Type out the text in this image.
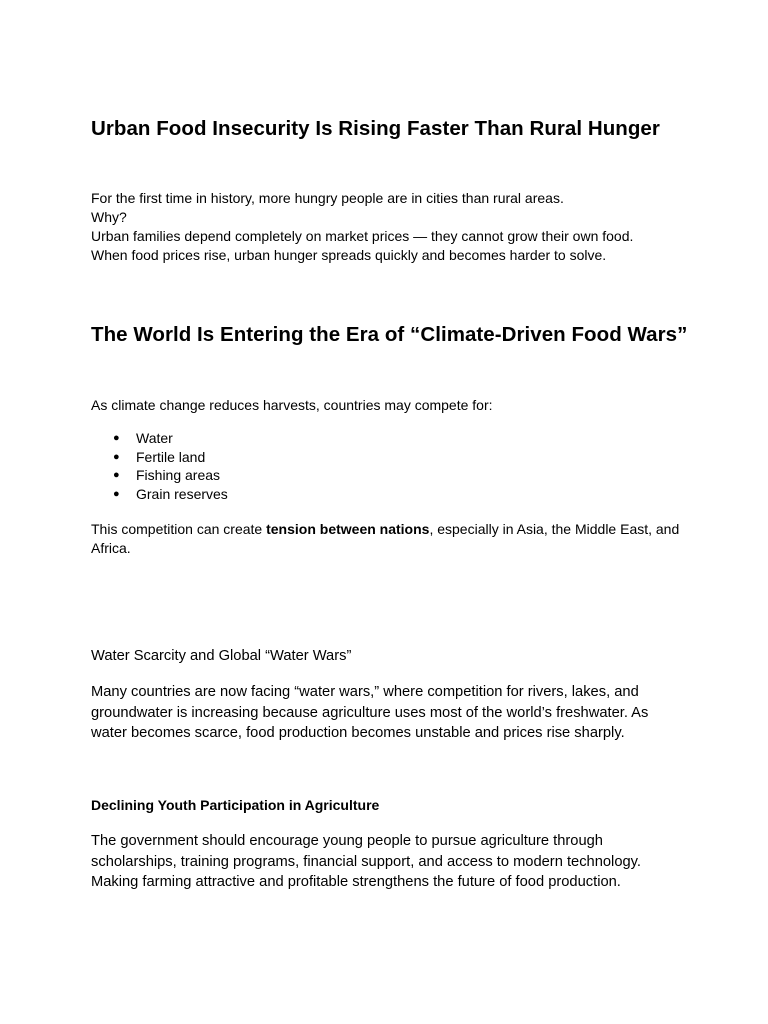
Urban Food Insecurity Is Rising Faster Than Rural Hunger

For the first time in history, more hungry people are in cities than rural areas.

Why?

Urban families depend completely on market prices — they cannot grow their own food.

When food prices rise, urban hunger spreads quickly and becomes harder to solve.

The World Is Entering the Era of “Climate-Driven Food Wars”

As climate change reduces harvests, countries may compete for:

● Water
● Fertile land
● Fishing areas
● Grain reserves

This competition can create tension between nations, especially in Asia, the Middle East, and Africa.

Water Scarcity and Global “Water Wars”

Many countries are now facing “water wars,” where competition for rivers, lakes, and groundwater is increasing because agriculture uses most of the world’s freshwater. As water becomes scarce, food production becomes unstable and prices rise sharply.

Declining Youth Participation in Agriculture

The government should encourage young people to pursue agriculture through scholarships, training programs, financial support, and access to modern technology. Making farming attractive and profitable strengthens the future of food production.
